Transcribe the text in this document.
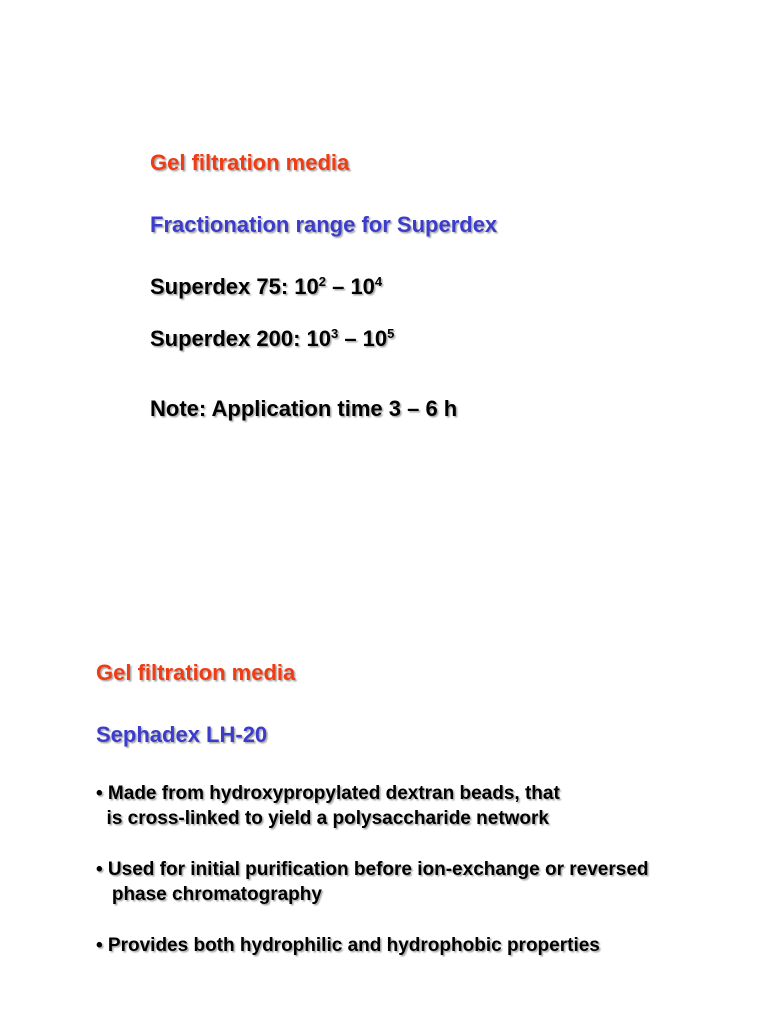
Gel filtration media
Fractionation range for Superdex
Superdex 75: $10^2 - 10^4$
Superdex 200: $10^3 - 10^5$
Note: Application time 3 – 6 h
Gel filtration media
Sephadex LH-20
• Made from hydroxypropylated dextran beads, that
is cross-linked to yield a polysaccharide network
• Used for initial purification before ion-exchange or reversed
phase chromatography
• Provides both hydrophilic and hydrophobic properties
